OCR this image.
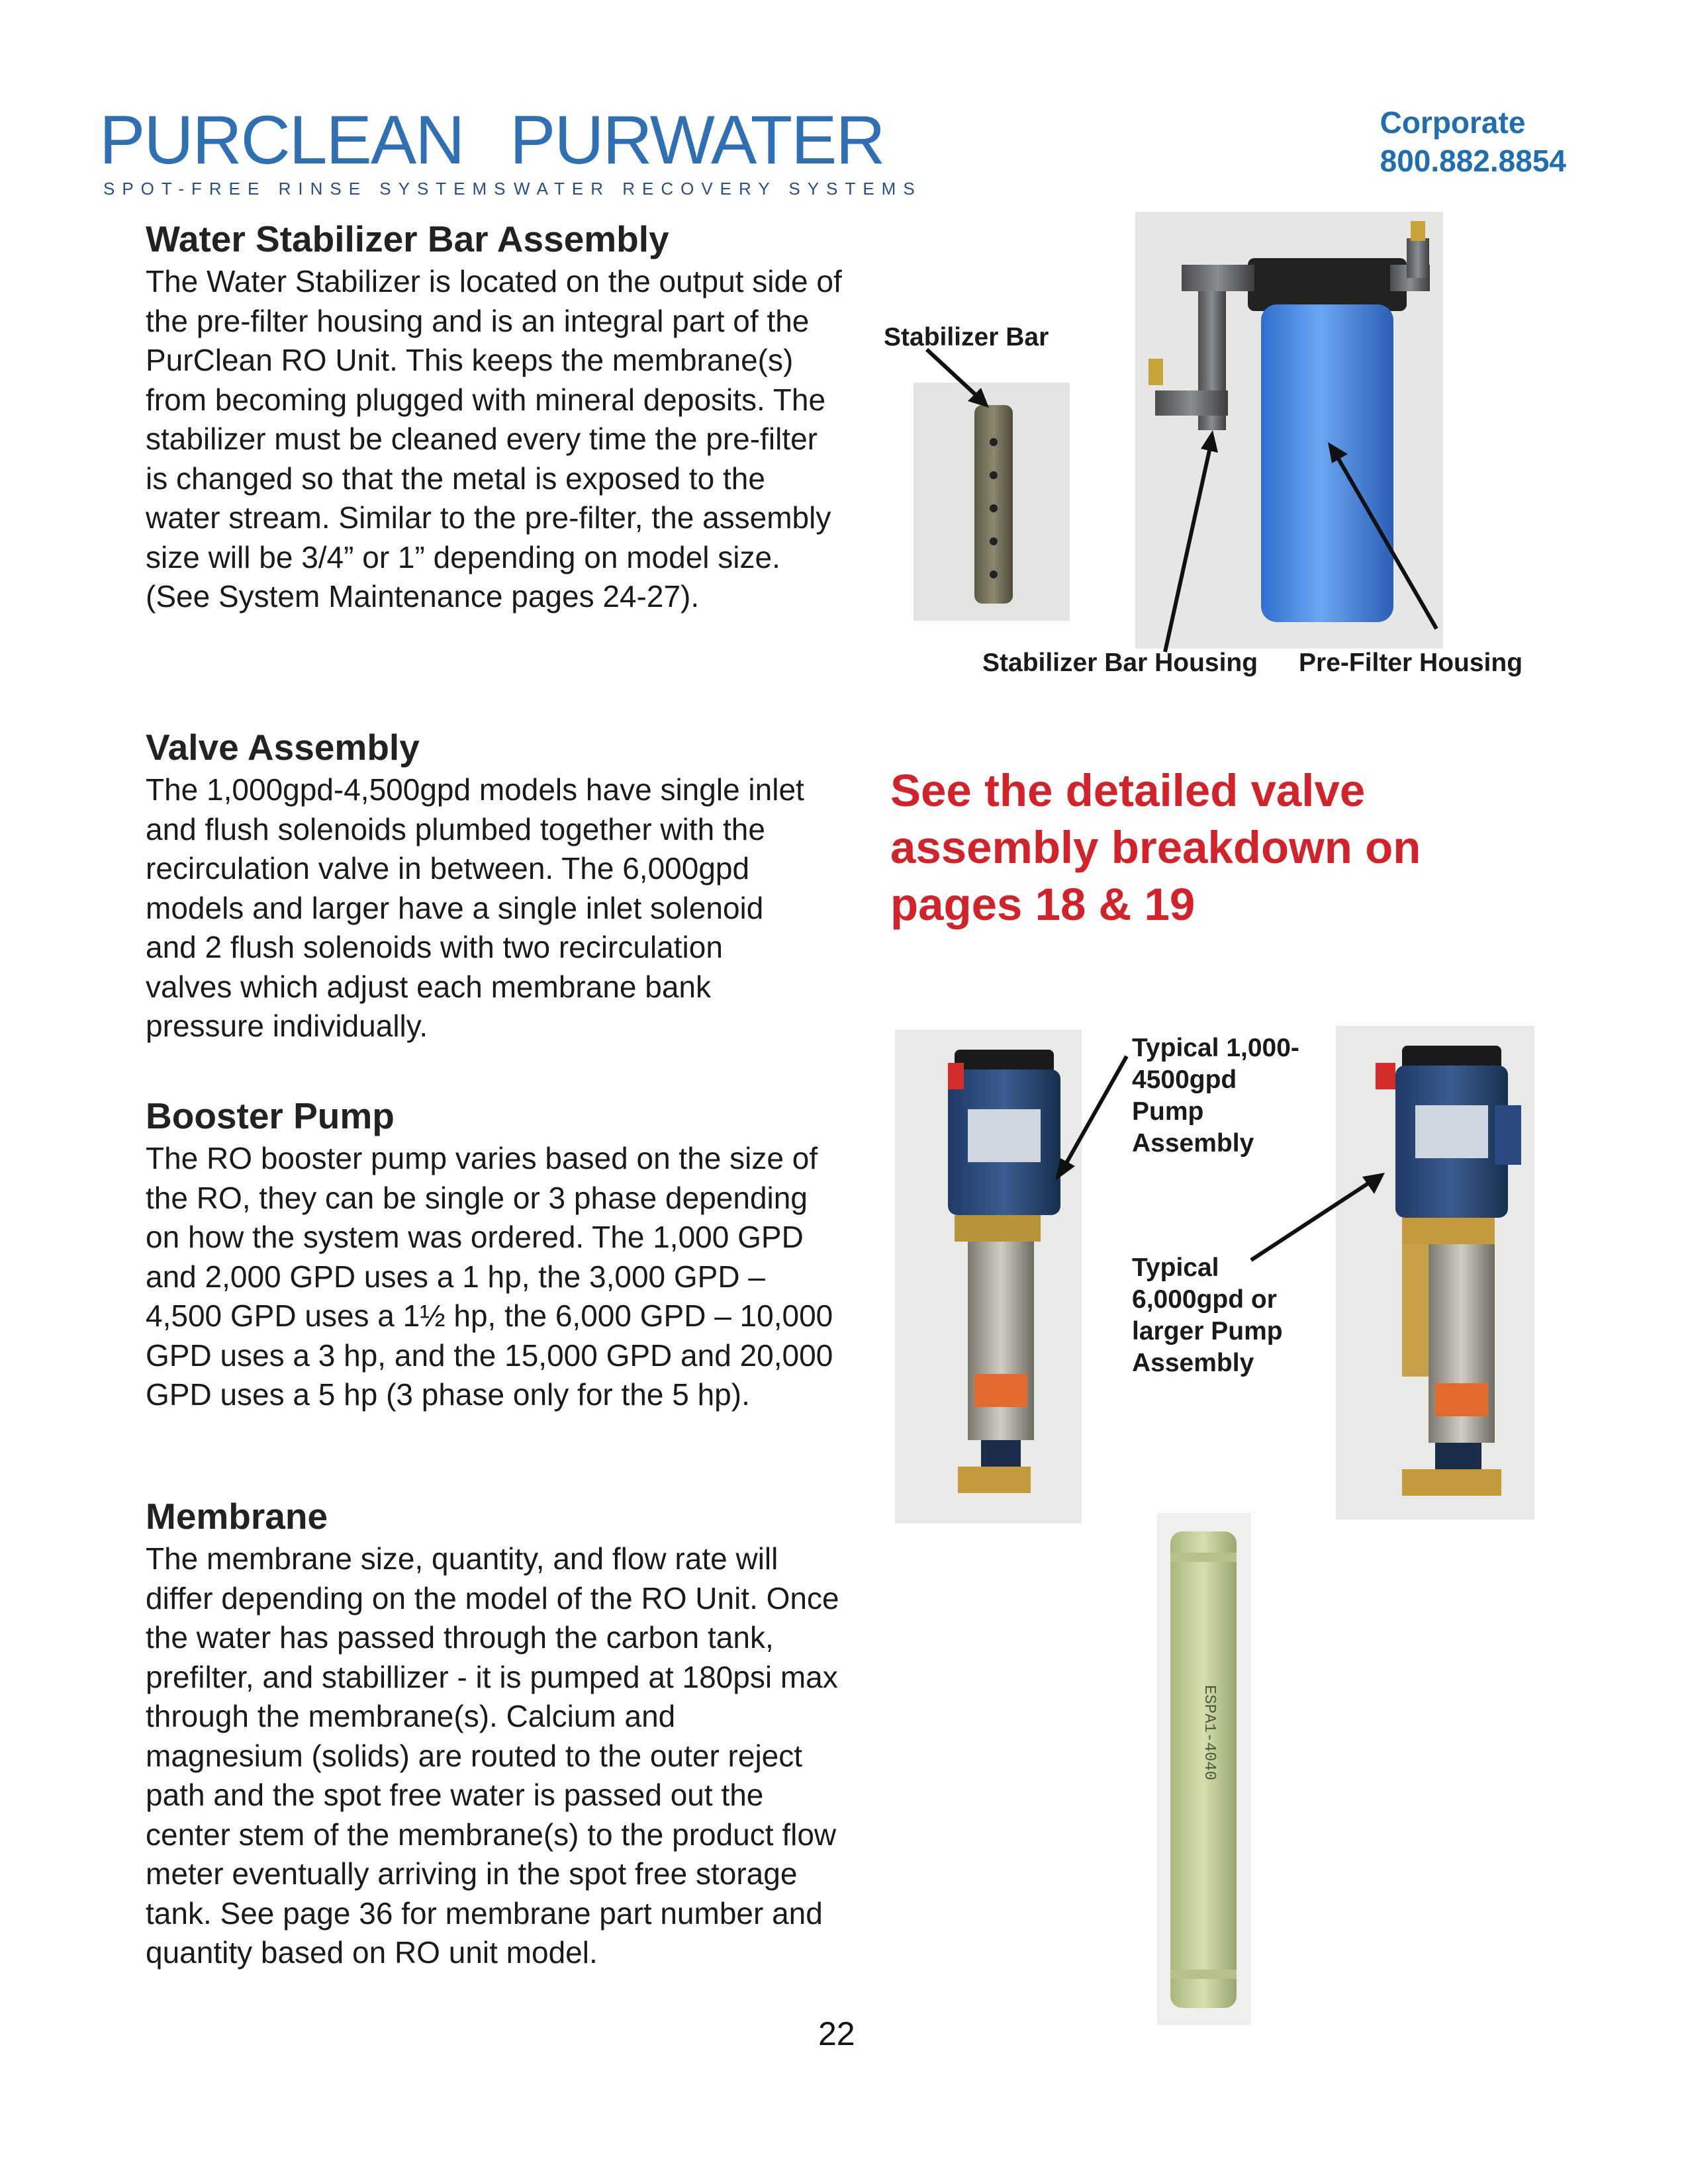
PURCLEAN
SPOT-FREE RINSE SYSTEMS
PURWATER
WATER RECOVERY SYSTEMS
Corporate
800.882.8854
Water Stabilizer Bar Assembly

The Water Stabilizer is located on the output side of the pre-filter housing and is an integral part of the PurClean RO Unit. This keeps the membrane(s) from becoming plugged with mineral deposits. The stabilizer must be cleaned every time the pre-filter is changed so that the metal is exposed to the water stream. Similar to the pre-filter, the assembly size will be 3/4” or 1” depending on model size. (See System Maintenance pages 24-27).

Valve Assembly

The 1,000gpd-4,500gpd models have single inlet and flush solenoids plumbed together with the recirculation valve in between. The 6,000gpd models and larger have a single inlet solenoid and 2 flush solenoids with two recirculation valves which adjust each membrane bank pressure individually.

Booster Pump

The RO booster pump varies based on the size of the RO, they can be single or 3 phase depending on how the system was ordered. The 1,000 GPD and 2,000 GPD uses a 1 hp, the 3,000 GPD – 4,500 GPD uses a 1½ hp, the 6,000 GPD – 10,000 GPD uses a 3 hp, and the 15,000 GPD and 20,000 GPD uses a 5 hp (3 phase only for the 5 hp).

Membrane

The membrane size, quantity, and flow rate will differ depending on the model of the RO Unit. Once the water has passed through the carbon tank, prefilter, and stabillizer - it is pumped at 180psi max through the membrane(s). Calcium and magnesium (solids) are routed to the outer reject path and the spot free water is passed out the center stem of the membrane(s) to the product flow meter eventually arriving in the spot free storage tank. See page 36 for membrane part number and quantity based on RO unit model.

22
Stabilizer Bar
Stabilizer Bar Housing Pre-Filter Housing
See the detailed valve assembly breakdown on pages 18 & 19
Typical 1,000-4500gpd Pump Assembly
Typical 6,000gpd or larger Pump Assembly
ESPA1-4040
